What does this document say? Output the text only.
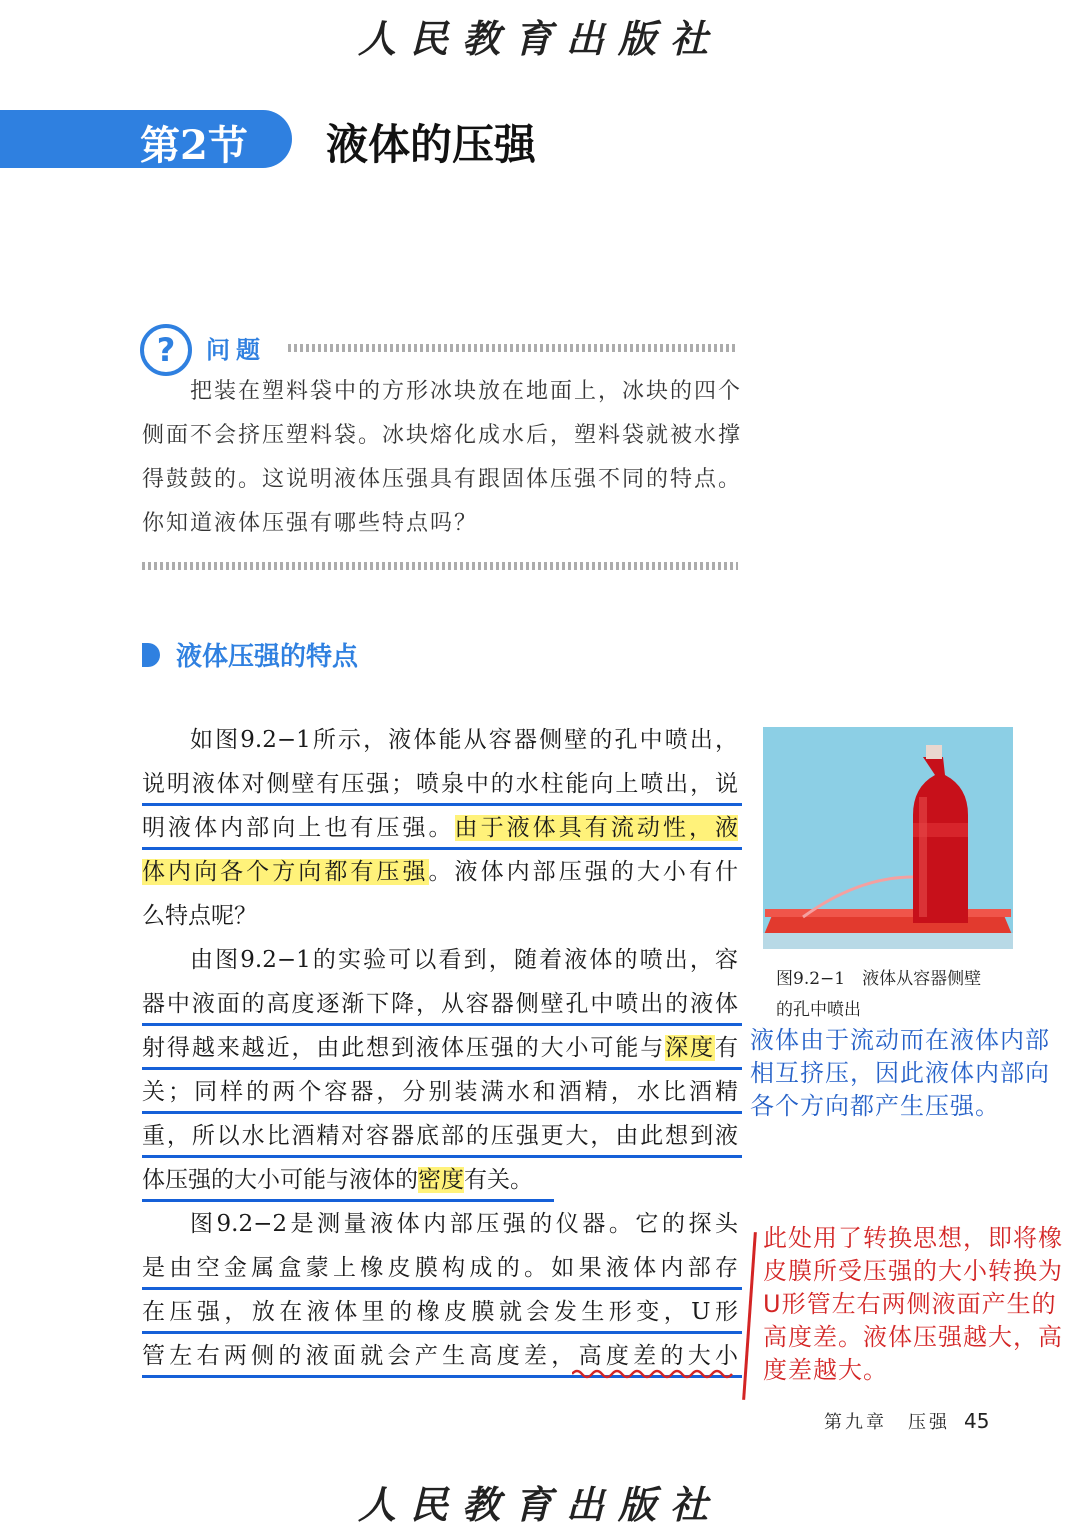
人民教育出版社
第2节 液体的压强
?	问题
把装在塑料袋中的方形冰块放在地面上，冰块的四个侧面不会挤压塑料袋。冰块熔化成水后，塑料袋就被水撑得鼓鼓的。这说明液体压强具有跟固体压强不同的特点。你知道液体压强有哪些特点吗？
液体压强的特点
如图9.2−1所示，液体能从容器侧壁的孔中喷出，
说明液体对侧壁有压强；喷泉中的水柱能向上喷出，说
明液体内部向上也有压强。由于液体具有流动性，液
体内向各个方向都有压强。液体内部压强的大小有什
么特点呢？
由图9.2−1的实验可以看到，随着液体的喷出，容
器中液面的高度逐渐下降，从容器侧壁孔中喷出的液体
射得越来越近，由此想到液体压强的大小可能与深度有
关；同样的两个容器，分别装满水和酒精，水比酒精
重，所以水比酒精对容器底部的压强更大，由此想到液
体压强的大小可能与液体的密度有关。
图9.2−2是测量液体内部压强的仪器。它的探头
是由空金属盒蒙上橡皮膜构成的。如果液体内部存
在压强，放在液体里的橡皮膜就会发生形变，U形
管左右两侧的液面就会产生高度差，高度差的大小
图9.2−1　液体从容器侧壁
的孔中喷出
液体由于流动而在液体内部相互挤压，因此液体内部向各个方向都产生压强。
此处用了转换思想，即将橡皮膜所受压强的大小转换为U形管左右两侧液面产生的高度差。液体压强越大，高度差越大。
第九章　压强 45
人民教育出版社
